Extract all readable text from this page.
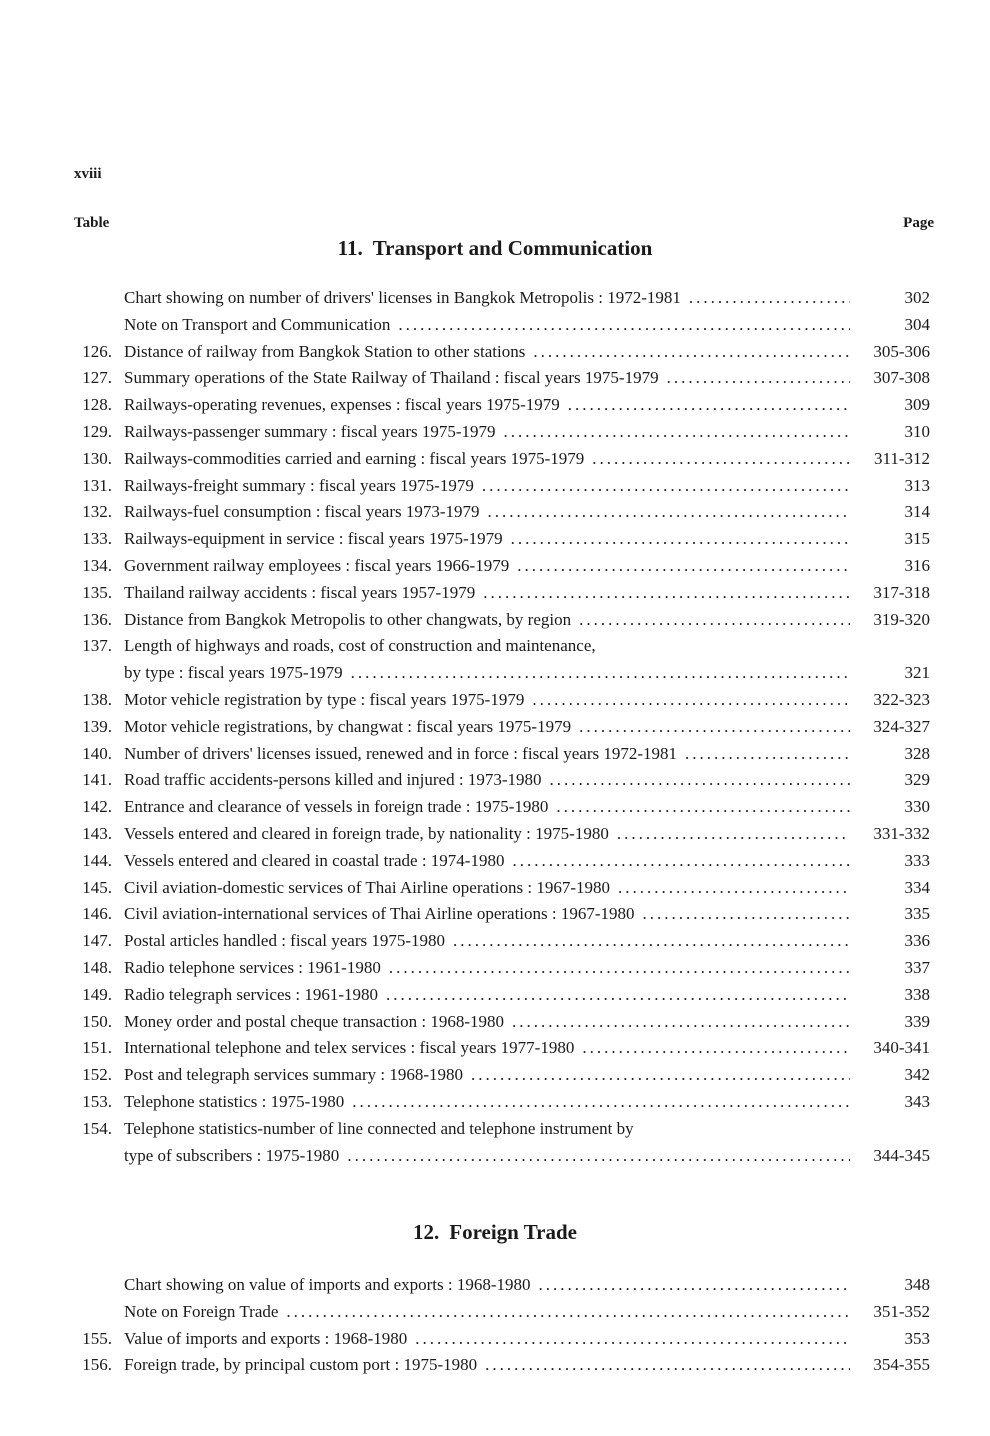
xviii
Table	Page
11. Transport and Communication
Chart showing on number of drivers' licenses in Bangkok Metropolis : 1972-1981 .....	302
Note on Transport and Communication .....	304
126. Distance of railway from Bangkok Station to other stations .....	305-306
127. Summary operations of the State Railway of Thailand : fiscal years 1975-1979 .....	307-308
128. Railways-operating revenues, expenses : fiscal years 1975-1979 .....	309
129. Railways-passenger summary : fiscal years 1975-1979 .....	310
130. Railways-commodities carried and earning : fiscal years 1975-1979 .....	311-312
131. Railways-freight summary : fiscal years 1975-1979 .....	313
132. Railways-fuel consumption : fiscal years 1973-1979 .....	314
133. Railways-equipment in service : fiscal years 1975-1979 .....	315
134. Government railway employees : fiscal years 1966-1979 .....	316
135. Thailand railway accidents : fiscal years 1957-1979 .....	317-318
136. Distance from Bangkok Metropolis to other changwats, by region .....	319-320
137. Length of highways and roads, cost of construction and maintenance,
by type : fiscal years 1975-1979 .....	321
138. Motor vehicle registration by type : fiscal years 1975-1979 .....	322-323
139. Motor vehicle registrations, by changwat : fiscal years 1975-1979 .....	324-327
140. Number of drivers' licenses issued, renewed and in force : fiscal years 1972-1981 .....	328
141. Road traffic accidents-persons killed and injured : 1973-1980 .....	329
142. Entrance and clearance of vessels in foreign trade : 1975-1980 .....	330
143. Vessels entered and cleared in foreign trade, by nationality : 1975-1980 .....	331-332
144. Vessels entered and cleared in coastal trade : 1974-1980 .....	333
145. Civil aviation-domestic services of Thai Airline operations : 1967-1980 .....	334
146. Civil aviation-international services of Thai Airline operations : 1967-1980 .....	335
147. Postal articles handled : fiscal years 1975-1980 .....	336
148. Radio telephone services : 1961-1980 .....	337
149. Radio telegraph services : 1961-1980 .....	338
150. Money order and postal cheque transaction : 1968-1980 .....	339
151. International telephone and telex services : fiscal years 1977-1980 .....	340-341
152. Post and telegraph services summary : 1968-1980 .....	342
153. Telephone statistics : 1975-1980 .....	343
154. Telephone statistics-number of line connected and telephone instrument by
type of subscribers : 1975-1980 .....	344-345
12. Foreign Trade
Chart showing on value of imports and exports : 1968-1980 .....	348
Note on Foreign Trade .....	351-352
155. Value of imports and exports : 1968-1980 .....	353
156. Foreign trade, by principal custom port : 1975-1980 .....	354-355
